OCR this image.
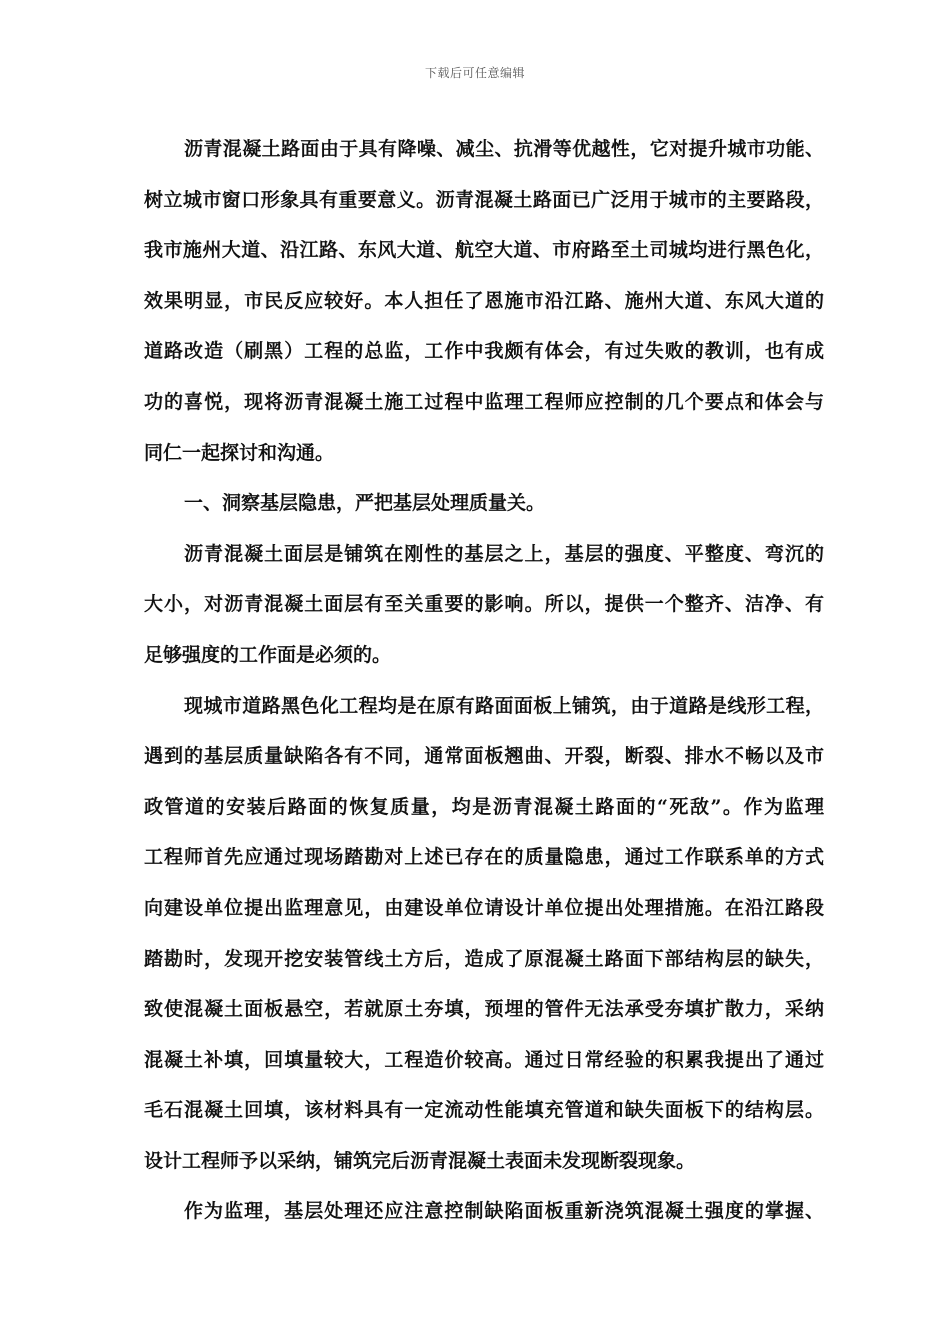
下载后可任意编辑
沥青混凝土路面由于具有降噪、减尘、抗滑等优越性，它对提升城市功能、
树立城市窗口形象具有重要意义。沥青混凝土路面已广泛用于城市的主要路段，
我市施州大道、沿江路、东风大道、航空大道、市府路至土司城均进行黑色化，
效果明显，市民反应较好。本人担任了恩施市沿江路、施州大道、东风大道的
道路改造（刷黑）工程的总监，工作中我颇有体会，有过失败的教训，也有成
功的喜悦，现将沥青混凝土施工过程中监理工程师应控制的几个要点和体会与
同仁一起探讨和沟通。
一、洞察基层隐患，严把基层处理质量关。
沥青混凝土面层是铺筑在刚性的基层之上，基层的强度、平整度、弯沉的
大小，对沥青混凝土面层有至关重要的影响。所以，提供一个整齐、洁净、有
足够强度的工作面是必须的。
现城市道路黑色化工程均是在原有路面面板上铺筑，由于道路是线形工程，
遇到的基层质量缺陷各有不同，通常面板翘曲、开裂，断裂、排水不畅以及市
政管道的安装后路面的恢复质量，均是沥青混凝土路面的“死敌”。作为监理
工程师首先应通过现场踏勘对上述已存在的质量隐患，通过工作联系单的方式
向建设单位提出监理意见，由建设单位请设计单位提出处理措施。在沿江路段
踏勘时，发现开挖安装管线土方后，造成了原混凝土路面下部结构层的缺失，
致使混凝土面板悬空，若就原土夯填，预埋的管件无法承受夯填扩散力，采纳
混凝土补填，回填量较大，工程造价较高。通过日常经验的积累我提出了通过
毛石混凝土回填，该材料具有一定流动性能填充管道和缺失面板下的结构层。
设计工程师予以采纳，铺筑完后沥青混凝土表面未发现断裂现象。
作为监理，基层处理还应注意控制缺陷面板重新浇筑混凝土强度的掌握、
